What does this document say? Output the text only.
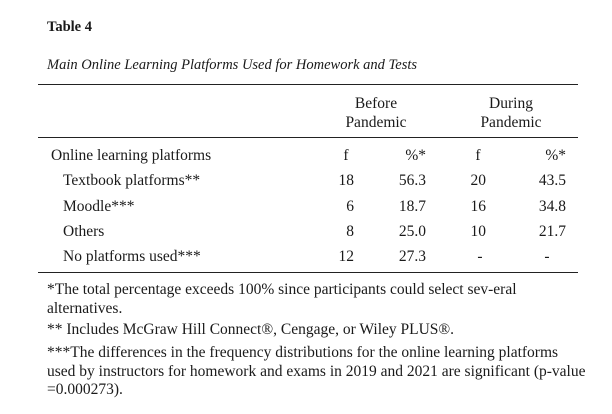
Table 4
Main Online Learning Platforms Used for Homework and Tests
Before
Pandemic
During
Pandemic
Online learning platforms	f	%*	f	%*
Textbook platforms**	18	56.3	20	43.5
Moodle***	6	18.7	16	34.8
Others	8	25.0	10	21.7
No platforms used***	12	27.3	-	-
*The total percentage exceeds 100% since participants could select sev-eral alternatives.
** Includes McGraw Hill Connect®, Cengage, or Wiley PLUS®.
***The differences in the frequency distributions for the online learning platforms used by instructors for homework and exams in 2019 and 2021 are significant (p-value =0.000273).
